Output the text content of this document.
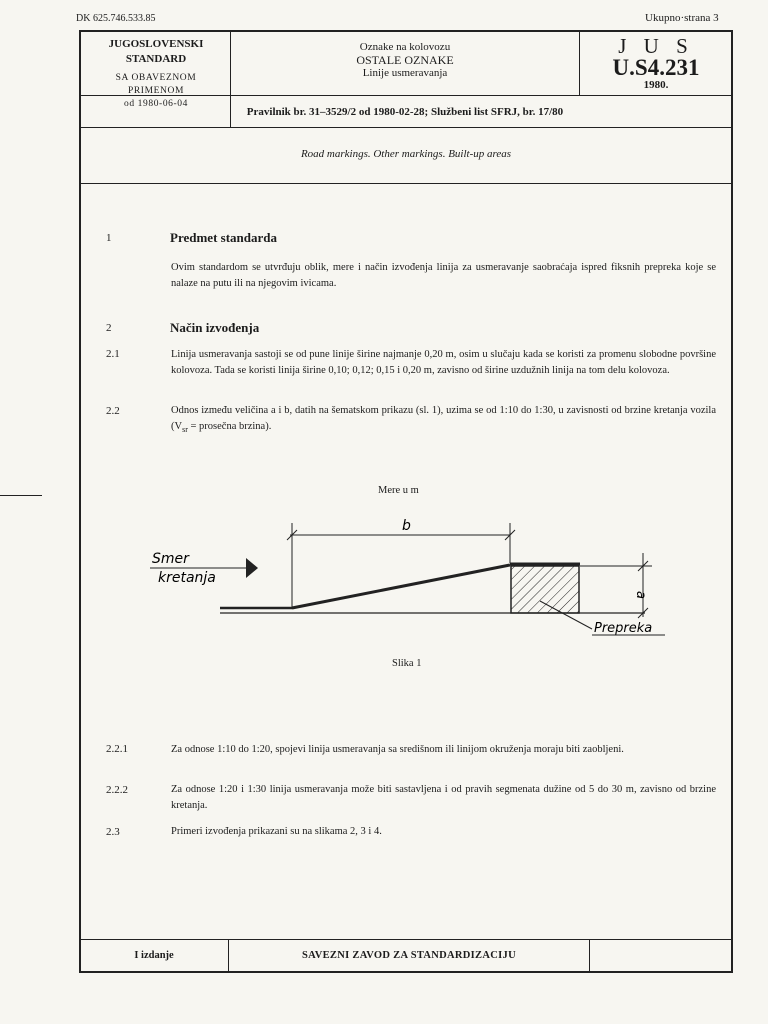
DK 625.746.533.85	Ukupno·strana 3
JUGOSLOVENSKI
STANDARD
SA OBAVEZNOM
PRIMENOM
od 1980-06-04
Oznake na kolovozu
OSTALE OZNAKE
Linije usmeravanja
J U S
U.S4.231
1980.
Pravilnik br. 31–3529/2 od 1980-02-28; Službeni list SFRJ, br. 17/80
Road markings. Other markings. Built-up areas
1	Predmet standarda
Ovim standardom se utvrđuju oblik, mere i način izvođenja linija za usmeravanje saobraćaja ispred fiksnih prepreka koje se nalaze na putu ili na njegovim ivicama.
2	Način izvođenja
2.1	Linija usmeravanja sastoji se od pune linije širine najmanje 0,20 m, osim u slučaju kada se koristi za promenu slobodne površine kolovoza. Tada se koristi linija širine 0,10; 0,12; 0,15 i 0,20 m, zavisno od širine uzdužnih linija na tom delu kolovoza.
2.2	Odnos između veličina a i b, datih na šematskom prikazu (sl. 1), uzima se od 1:10 do 1:30, u zavisnosti od brzine kretanja vozila ($V_{sr}$ = prosečna brzina).
Mere u m
b
a
Smer
kretanja
Prepreka
Slika 1
2.2.1	Za odnose 1:10 do 1:20, spojevi linija usmeravanja sa središnom ili linijom okruženja moraju biti zaobljeni.
2.2.2	Za odnose 1:20 i 1:30 linija usmeravanja može biti sastavljena i od pravih segmenata dužine od 5 do 30 m, zavisno od brzine kretanja.
2.3	Primeri izvođenja prikazani su na slikama 2, 3 i 4.
I izdanje	SAVEZNI ZAVOD ZA STANDARDIZACIJU
